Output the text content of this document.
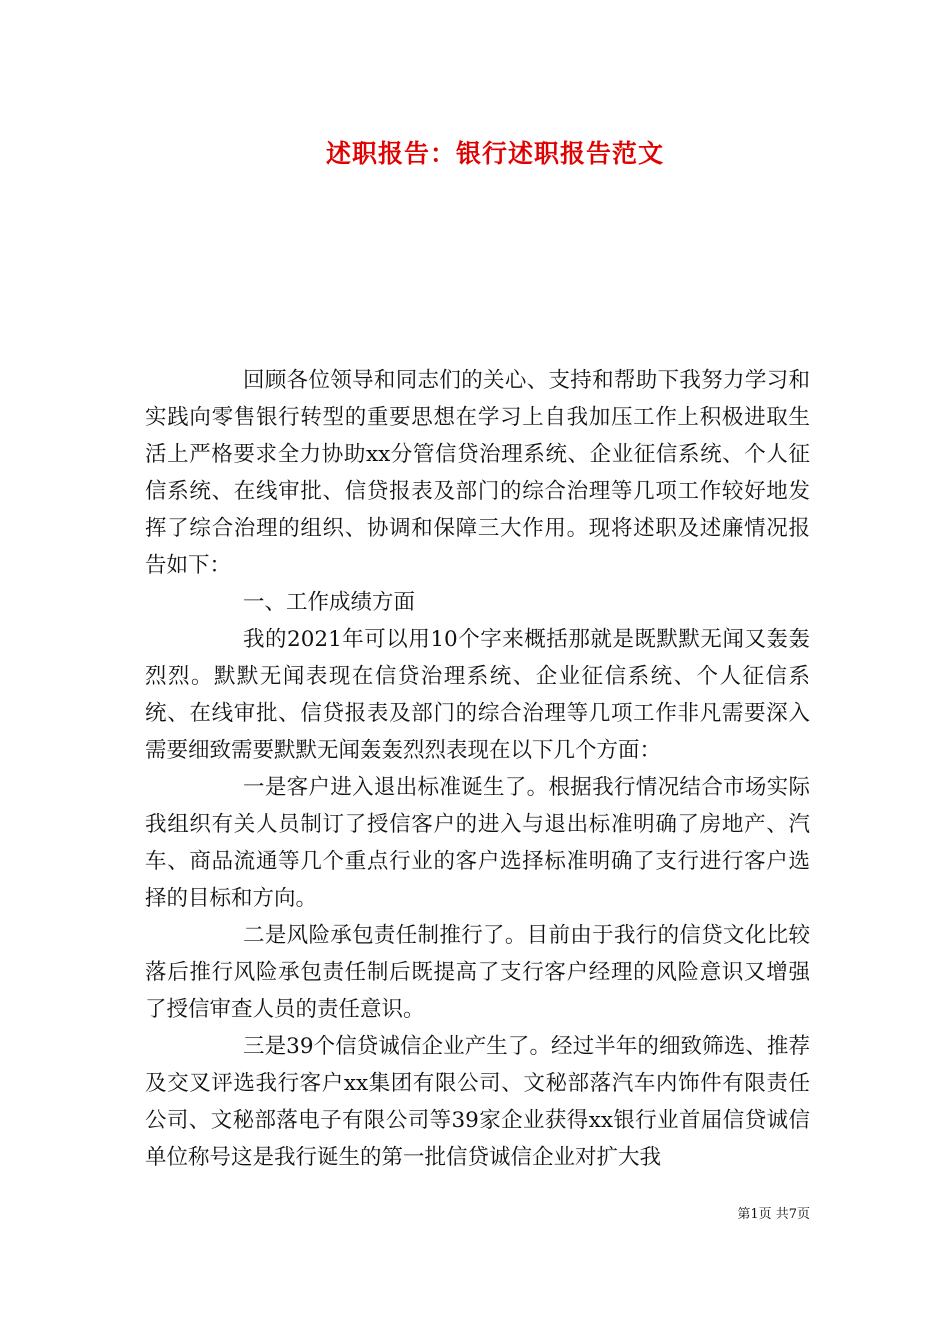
述职报告：银行述职报告范文

回顾各位领导和同志们的关心、支持和帮助下我努力学习和实践向零售银行转型的重要思想在学习上自我加压工作上积极进取生活上严格要求全力协助xx分管信贷治理系统、企业征信系统、个人征信系统、在线审批、信贷报表及部门的综合治理等几项工作较好地发挥了综合治理的组织、协调和保障三大作用。现将述职及述廉情况报告如下：

一、工作成绩方面

我的2021年可以用10个字来概括那就是既默默无闻又轰轰烈烈。默默无闻表现在信贷治理系统、企业征信系统、个人征信系统、在线审批、信贷报表及部门的综合治理等几项工作非凡需要深入需要细致需要默默无闻轰轰烈烈表现在以下几个方面：

一是客户进入退出标准诞生了。根据我行情况结合市场实际我组织有关人员制订了授信客户的进入与退出标准明确了房地产、汽车、商品流通等几个重点行业的客户选择标准明确了支行进行客户选择的目标和方向。

二是风险承包责任制推行了。目前由于我行的信贷文化比较落后推行风险承包责任制后既提高了支行客户经理的风险意识又增强了授信审查人员的责任意识。

三是39个信贷诚信企业产生了。经过半年的细致筛选、推荐及交叉评选我行客户xx集团有限公司、文秘部落汽车内饰件有限责任公司、文秘部落电子有限公司等39家企业获得xx银行业首届信贷诚信单位称号这是我行诞生的第一批信贷诚信企业对扩大我

第1页 共7页
